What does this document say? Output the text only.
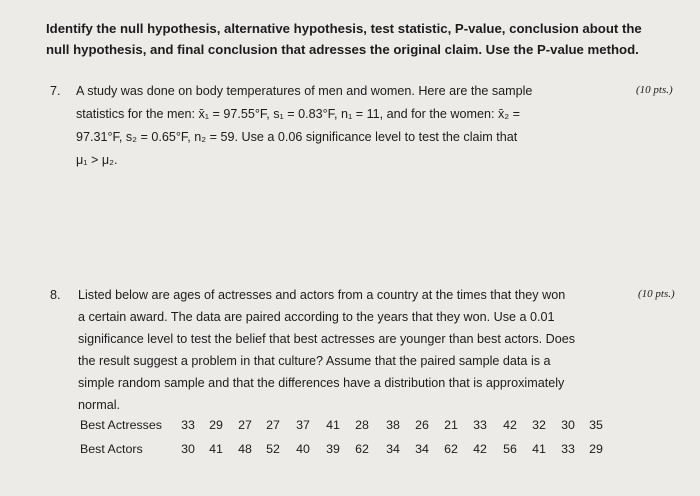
Identify the null hypothesis, alternative hypothesis, test statistic, P-value, conclusion about the
null hypothesis, and final conclusion that adresses the original claim. Use the P-value method.
7.	(10 pts.)
A study was done on body temperatures of men and women. Here are the sample
statistics for the men: x̄₁ = 97.55°F, s₁ = 0.83°F, n₁ = 11, and for the women: x̄₂ =
97.31°F, s₂ = 0.65°F, n₂ = 59. Use a 0.06 significance level to test the claim that
μ₁ > μ₂.
8.	(10 pts.)
Listed below are ages of actresses and actors from a country at the times that they won
a certain award. The data are paired according to the years that they won. Use a 0.01
significance level to test the belief that best actresses are younger than best actors. Does
the result suggest a problem in that culture? Assume that the paired sample data is a
simple random sample and that the differences have a distribution that is approximately
normal.
Best Actresses	33	29	27	27	37	41	28	38	26	21	33	42	32	30	35
Best Actors	30	41	48	52	40	39	62	34	34	62	42	56	41	33	29
